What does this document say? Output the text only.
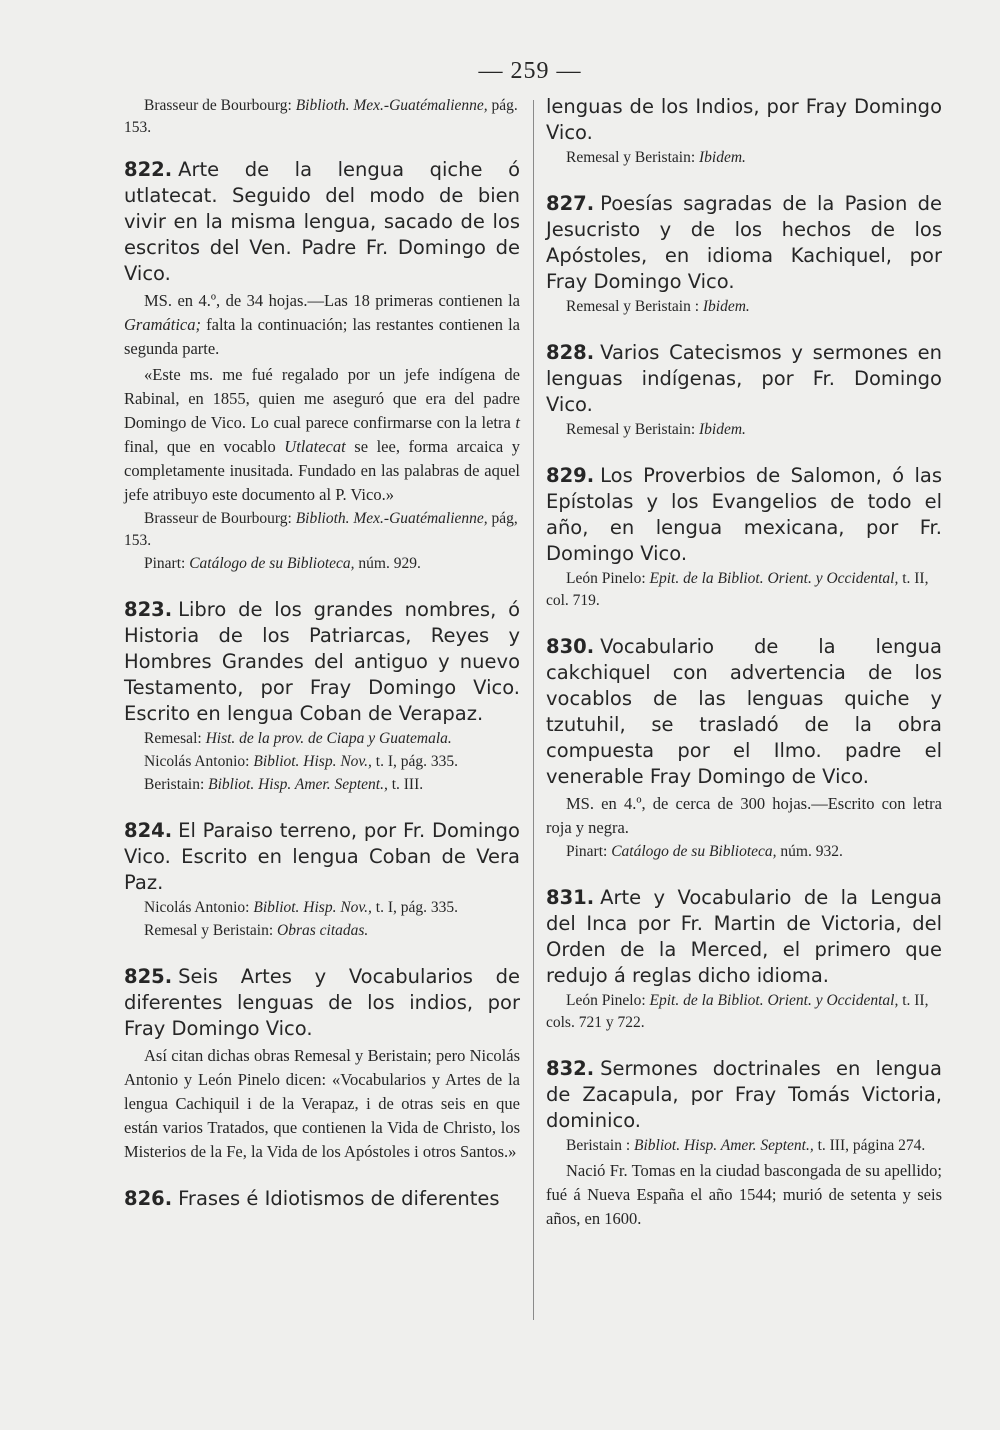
— 259 —

Brasseur de Bourbourg: Biblioth. Mex.-Guatémalienne, pág. 153.

822. Arte de la lengua qiche ó utlatecat. Seguido del modo de bien vivir en la misma lengua, sacado de los escritos del Ven. Padre Fr. Domingo de Vico.

MS. en 4.º, de 34 hojas.—Las 18 primeras contienen la Gramática; falta la continuación; las restantes contienen la segunda parte.

«Este ms. me fué regalado por un jefe indígena de Rabinal, en 1855, quien me aseguró que era del padre Domingo de Vico. Lo cual parece confirmarse con la letra t final, que en vocablo Utlatecat se lee, forma arcaica y completamente inusitada. Fundado en las palabras de aquel jefe atribuyo este documento al P. Vico.»

Brasseur de Bourbourg: Biblioth. Mex.-Guatémalienne, pág, 153.

Pinart: Catálogo de su Biblioteca, núm. 929.

823. Libro de los grandes nombres, ó Historia de los Patriarcas, Reyes y Hombres Grandes del antiguo y nuevo Testamento, por Fray Domingo Vico. Escrito en lengua Coban de Verapaz.

Remesal: Hist. de la prov. de Ciapa y Guatemala.

Nicolás Antonio: Bibliot. Hisp. Nov., t. I, pág. 335.

Beristain: Bibliot. Hisp. Amer. Septent., t. III.

824. El Paraiso terreno, por Fr. Domingo Vico. Escrito en lengua Coban de Vera Paz.

Nicolás Antonio: Bibliot. Hisp. Nov., t. I, pág. 335.

Remesal y Beristain: Obras citadas.

825. Seis Artes y Vocabularios de diferentes lenguas de los indios, por Fray Domingo Vico.

Así citan dichas obras Remesal y Beristain; pero Nicolás Antonio y León Pinelo dicen: «Vocabularios y Artes de la lengua Cachiquil i de la Verapaz, i de otras seis en que están varios Tratados, que contienen la Vida de Christo, los Misterios de la Fe, la Vida de los Apóstoles i otros Santos.»

826. Frases é Idiotismos de diferentes

lenguas de los Indios, por Fray Domingo Vico.

Remesal y Beristain: Ibidem.

827. Poesías sagradas de la Pasion de Jesucristo y de los hechos de los Apóstoles, en idioma Kachiquel, por Fray Domingo Vico.

Remesal y Beristain : Ibidem.

828. Varios Catecismos y sermones en lenguas indígenas, por Fr. Domingo Vico.

Remesal y Beristain: Ibidem.

829. Los Proverbios de Salomon, ó las Epístolas y los Evangelios de todo el año, en lengua mexicana, por Fr. Domingo Vico.

León Pinelo: Epit. de la Bibliot. Orient. y Occidental, t. II, col. 719.

830. Vocabulario de la lengua cakchiquel con advertencia de los vocablos de las lenguas quiche y tzutuhil, se trasladó de la obra compuesta por el Ilmo. padre el venerable Fray Domingo de Vico.

MS. en 4.º, de cerca de 300 hojas.—Escrito con letra roja y negra.

Pinart: Catálogo de su Biblioteca, núm. 932.

831. Arte y Vocabulario de la Lengua del Inca por Fr. Martin de Victoria, del Orden de la Merced, el primero que redujo á reglas dicho idioma.

León Pinelo: Epit. de la Bibliot. Orient. y Occidental, t. II, cols. 721 y 722.

832. Sermones doctrinales en lengua de Zacapula, por Fray Tomás Victoria, dominico.

Beristain : Bibliot. Hisp. Amer. Septent., t. III, página 274.

Nació Fr. Tomas en la ciudad bascongada de su apellido; fué á Nueva España el año 1544; murió de setenta y seis años, en 1600.
